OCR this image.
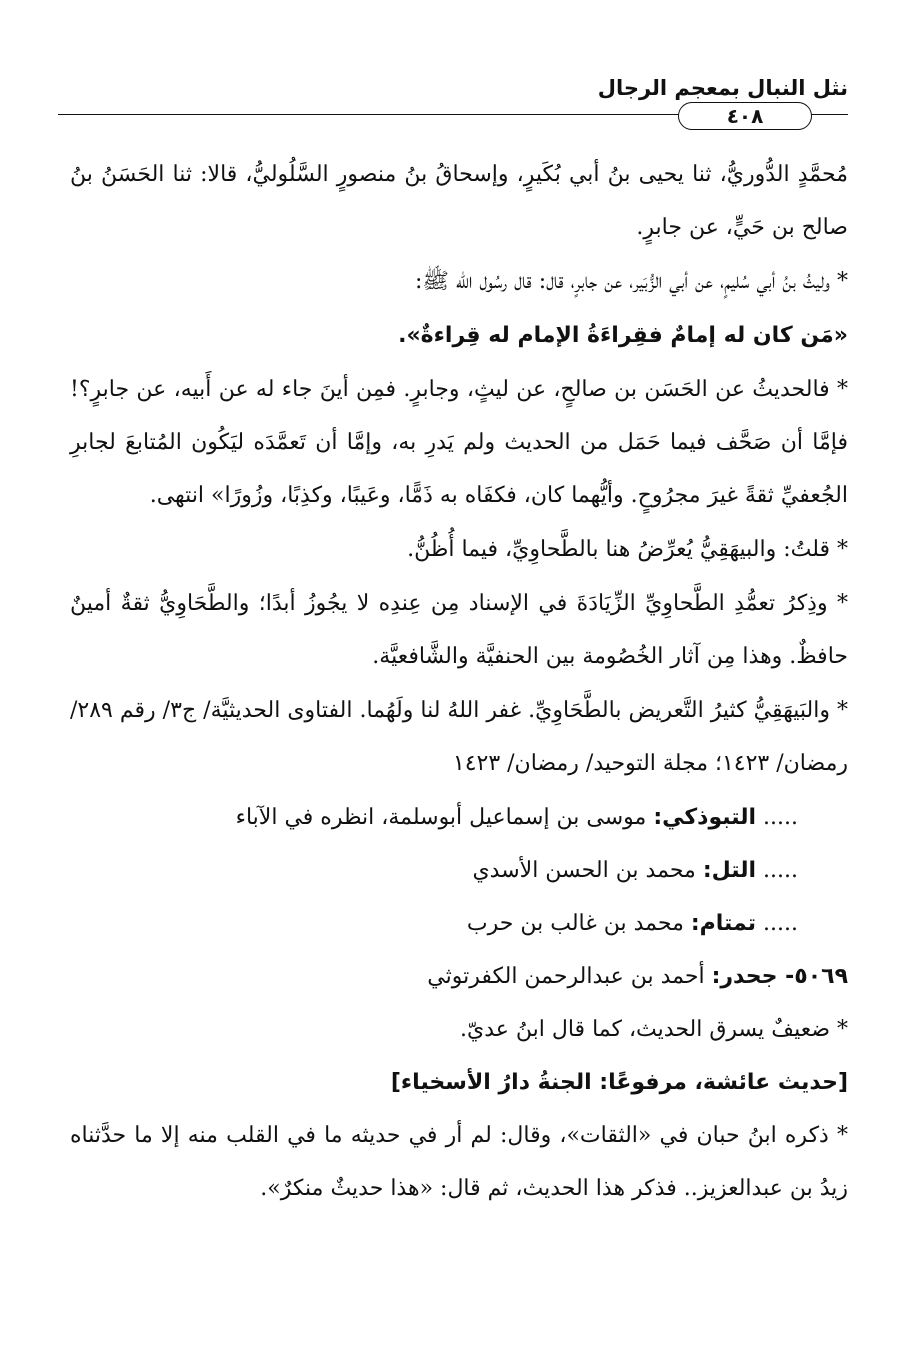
نثل النبال بمعجم الرجال
٤٠٨

مُحمَّدٍ الدُّوريُّ، ثنا يحيى بنُ أبي بُكَيرٍ، وإسحاقُ بنُ منصورٍ السَّلُوليُّ، قالا: ثنا الحَسَنُ بنُ صالح بن حَيٍّ، عن جابرٍ.

* وليثُ بنُ أبي سُليمٍ، عن أبي الزُّبَير، عن جابرٍ، قال: قال رسُول الله ﷺ:

«مَن كان له إمامٌ فقِراءَةُ الإمام له قِراءةٌ».

* فالحديثُ عن الحَسَن بن صالحٍ، عن ليثٍ، وجابرٍ. فمِن أينَ جاء له عن أَبيه، عن جابرٍ؟! فإمَّا أن صَحَّف فيما حَمَل من الحديث ولم يَدرِ به، وإمَّا أن تَعمَّدَه ليَكُون المُتابعَ لجابرِ الجُعفيِّ ثقةً غيرَ مجرُوحٍ. وأيُّهما كان، فكفَاه به ذَمًّا، وعَيبًا، وكذِبًا، وزُورًا» انتهى.

* قلتُ: والبيهَقِيُّ يُعرِّضُ هنا بالطَّحاوِيِّ، فيما أُظُنُّ.

* وذِكرُ تعمُّدِ الطَّحاوِيِّ الزِّيَادَةَ في الإسناد مِن عِندِه لا يجُوزُ أبدًا؛ والطَّحَاوِيُّ ثقةٌ أمينٌ حافظٌ. وهذا مِن آثار الخُصُومة بين الحنفيَّة والشَّافعيَّة.

* والبَيهَقِيُّ كثيرُ التَّعريض بالطَّحَاوِيِّ. غفر اللهُ لنا ولَهُما. الفتاوى الحديثيَّة/ ج٣/ رقم ٢٨٩/ رمضان/ ١٤٢٣؛ مجلة التوحيد/ رمضان/ ١٤٢٣

..... التبوذكي: موسى بن إسماعيل أبوسلمة، انظره في الآباء

..... التل: محمد بن الحسن الأسدي

..... تمتام: محمد بن غالب بن حرب

٥٠٦٩- جحدر: أحمد بن عبدالرحمن الكفرتوثي

* ضعيفٌ يسرق الحديث، كما قال ابنُ عديّ.

[حديث عائشة، مرفوعًا: الجنةُ دارُ الأسخياء]

* ذكره ابنُ حبان في «الثقات»، وقال: لم أر في حديثه ما في القلب منه إلا ما حدَّثناه زيدُ بن عبدالعزيز.. فذكر هذا الحديث، ثم قال: «هذا حديثٌ منكرٌ».
